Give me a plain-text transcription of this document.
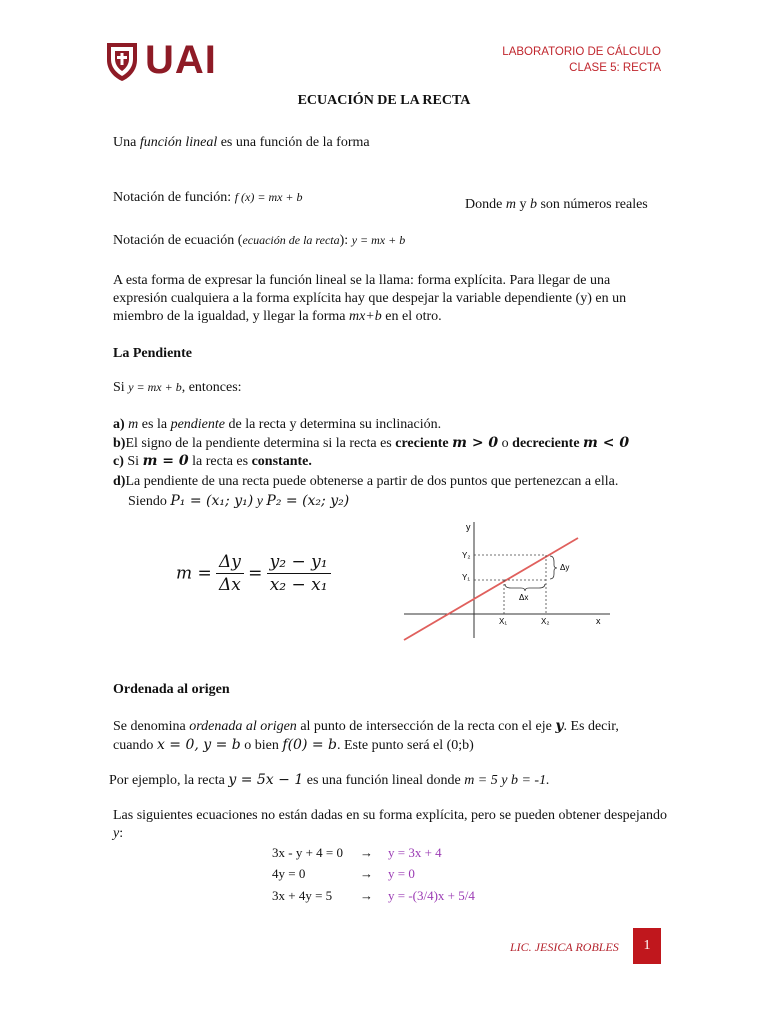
UAI	LABORATORIO DE CÁLCULO
CLASE 5: RECTA
ECUACIÓN DE LA RECTA
Una función lineal es una función de la forma
Notación de función: f (x) = mx + b	Donde m y b son números reales
Notación de ecuación (ecuación de la recta): y = mx + b
A esta forma de expresar la función lineal se la llama: forma explícita. Para llegar de una expresión cualquiera a la forma explícita hay que despejar la variable dependiente (y) en un miembro de la igualdad, y llegar la forma mx+b en el otro.
La Pendiente
Si y = mx + b, entonces:
a) m es la pendiente de la recta y determina su inclinación.
b)El signo de la pendiente determina si la recta es creciente m > 0 o decreciente m < 0
c) Si m = 0 la recta es constante.
d)La pendiente de una recta puede obtenerse a partir de dos puntos que pertenezcan a ella.
Siendo P₁ = (x₁; y₁) y P₂ = (x₂; y₂)
$m = \frac{\Delta y}{\Delta x} = \frac{\text{y₂ − y₁}}{\text{x₂ − x₁}}$
y
x
Y₂
Y₁
X₁	X₂
Δy
Δx
Ordenada al origen
Se denomina ordenada al origen al punto de intersección de la recta con el eje y. Es decir,
cuando x = 0, y = b o bien f(0) = b. Este punto será el (0;b)
Por ejemplo, la recta y = 5x − 1 es una función lineal donde m = 5 y b = -1.
Las siguientes ecuaciones no están dadas en su forma explícita, pero se pueden obtener despejando
y:
3x - y + 4 = 0 → y = 3x + 4
4y = 0	→ y = 0
3x + 4y = 5 → y = -(3/4)x + 5/4
LIC. JESICA ROBLES	1
